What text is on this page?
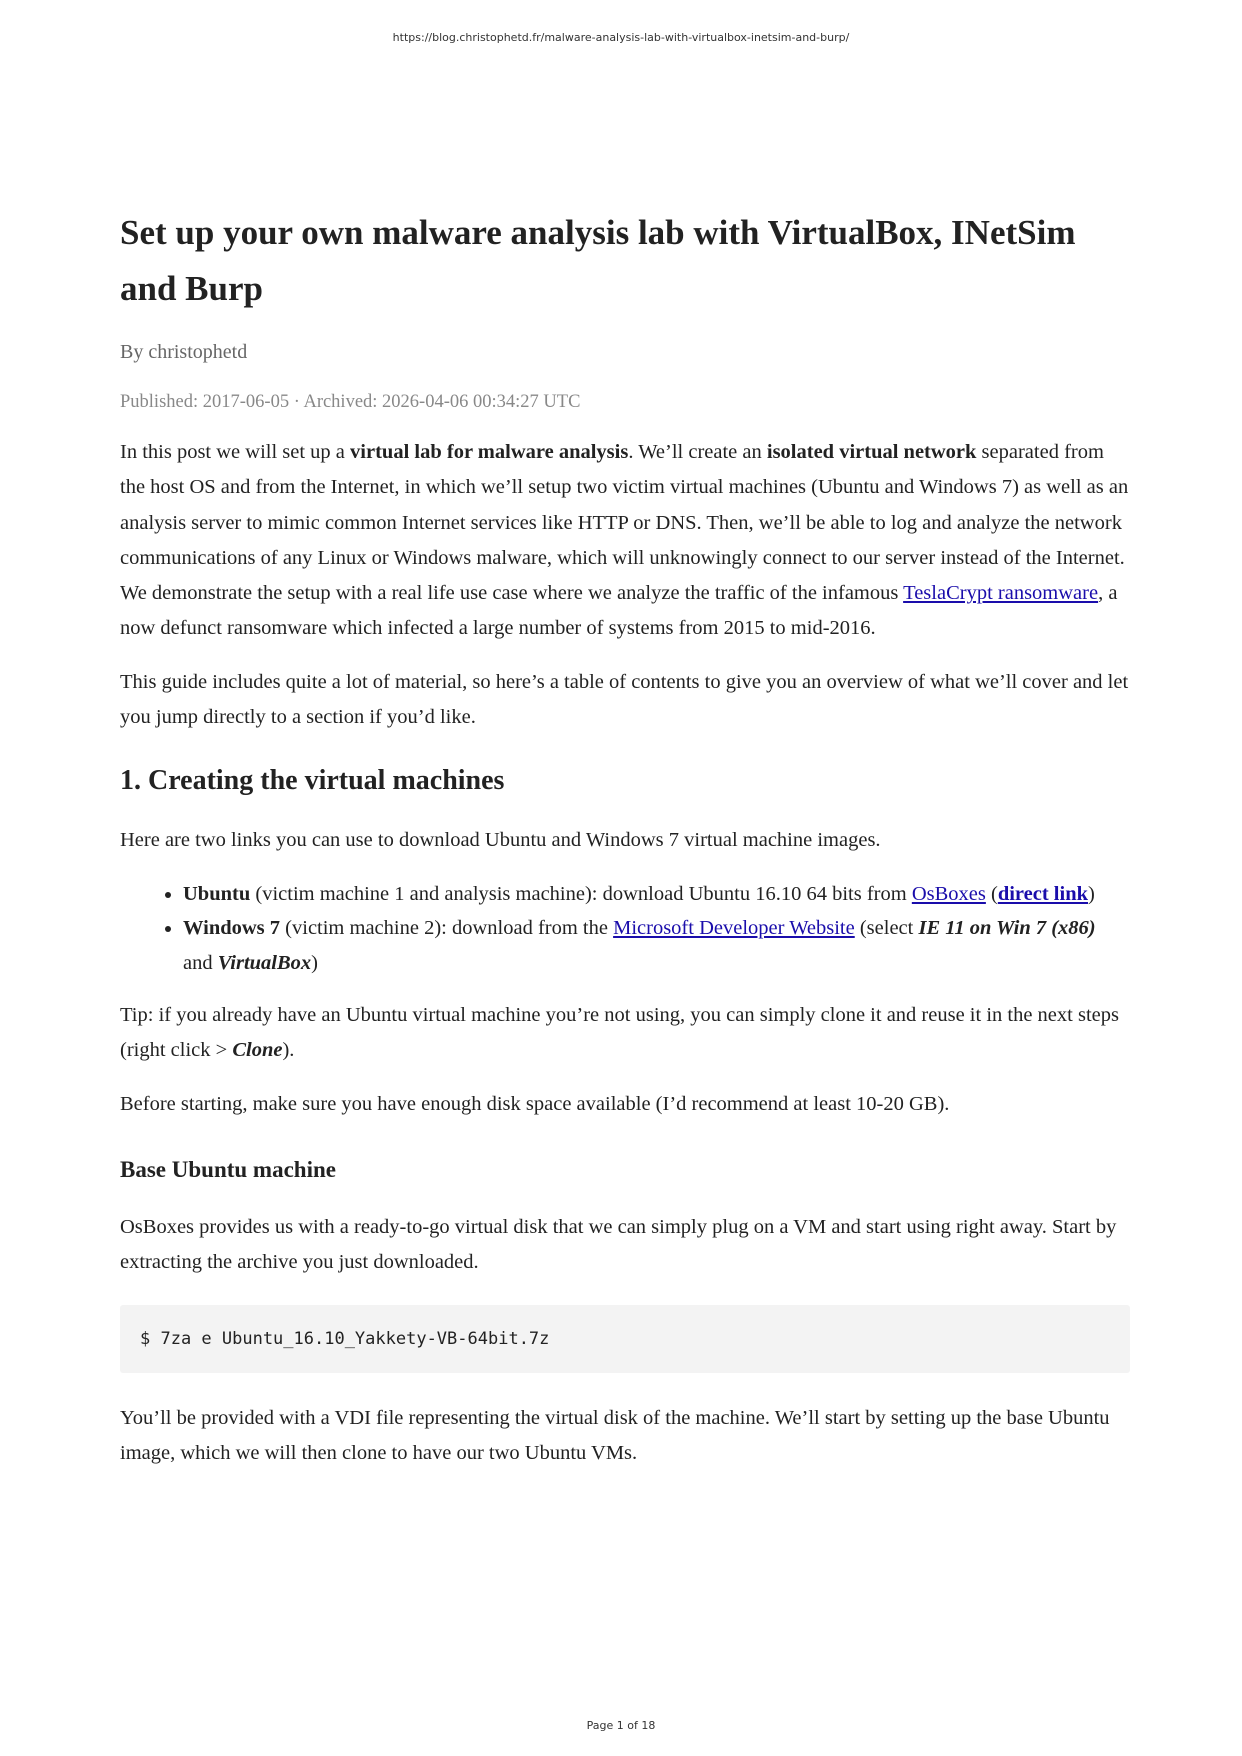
https://blog.christophetd.fr/malware-analysis-lab-with-virtualbox-inetsim-and-burp/
Set up your own malware analysis lab with VirtualBox, INetSim and Burp
By christophetd
Published: 2017-06-05 · Archived: 2026-04-06 00:34:27 UTC

In this post we will set up a virtual lab for malware analysis. We’ll create an isolated virtual network separated from the host OS and from the Internet, in which we’ll setup two victim virtual machines (Ubuntu and Windows 7) as well as an analysis server to mimic common Internet services like HTTP or DNS. Then, we’ll be able to log and analyze the network communications of any Linux or Windows malware, which will unknowingly connect to our server instead of the Internet. We demonstrate the setup with a real life use case where we analyze the traffic of the infamous TeslaCrypt ransomware, a now defunct ransomware which infected a large number of systems from 2015 to mid-2016.

This guide includes quite a lot of material, so here’s a table of contents to give you an overview of what we’ll cover and let you jump directly to a section if you’d like.

1. Creating the virtual machines

Here are two links you can use to download Ubuntu and Windows 7 virtual machine images.

• Ubuntu (victim machine 1 and analysis machine): download Ubuntu 16.10 64 bits from OsBoxes (direct link)
• Windows 7 (victim machine 2): download from the Microsoft Developer Website (select IE 11 on Win 7 (x86) and VirtualBox)

Tip: if you already have an Ubuntu virtual machine you’re not using, you can simply clone it and reuse it in the next steps (right click > Clone).

Before starting, make sure you have enough disk space available (I’d recommend at least 10-20 GB).

Base Ubuntu machine

OsBoxes provides us with a ready-to-go virtual disk that we can simply plug on a VM and start using right away. Start by extracting the archive you just downloaded.

$ 7za e Ubuntu_16.10_Yakkety-VB-64bit.7z

You’ll be provided with a VDI file representing the virtual disk of the machine. We’ll start by setting up the base Ubuntu image, which we will then clone to have our two Ubuntu VMs.

Page 1 of 18
